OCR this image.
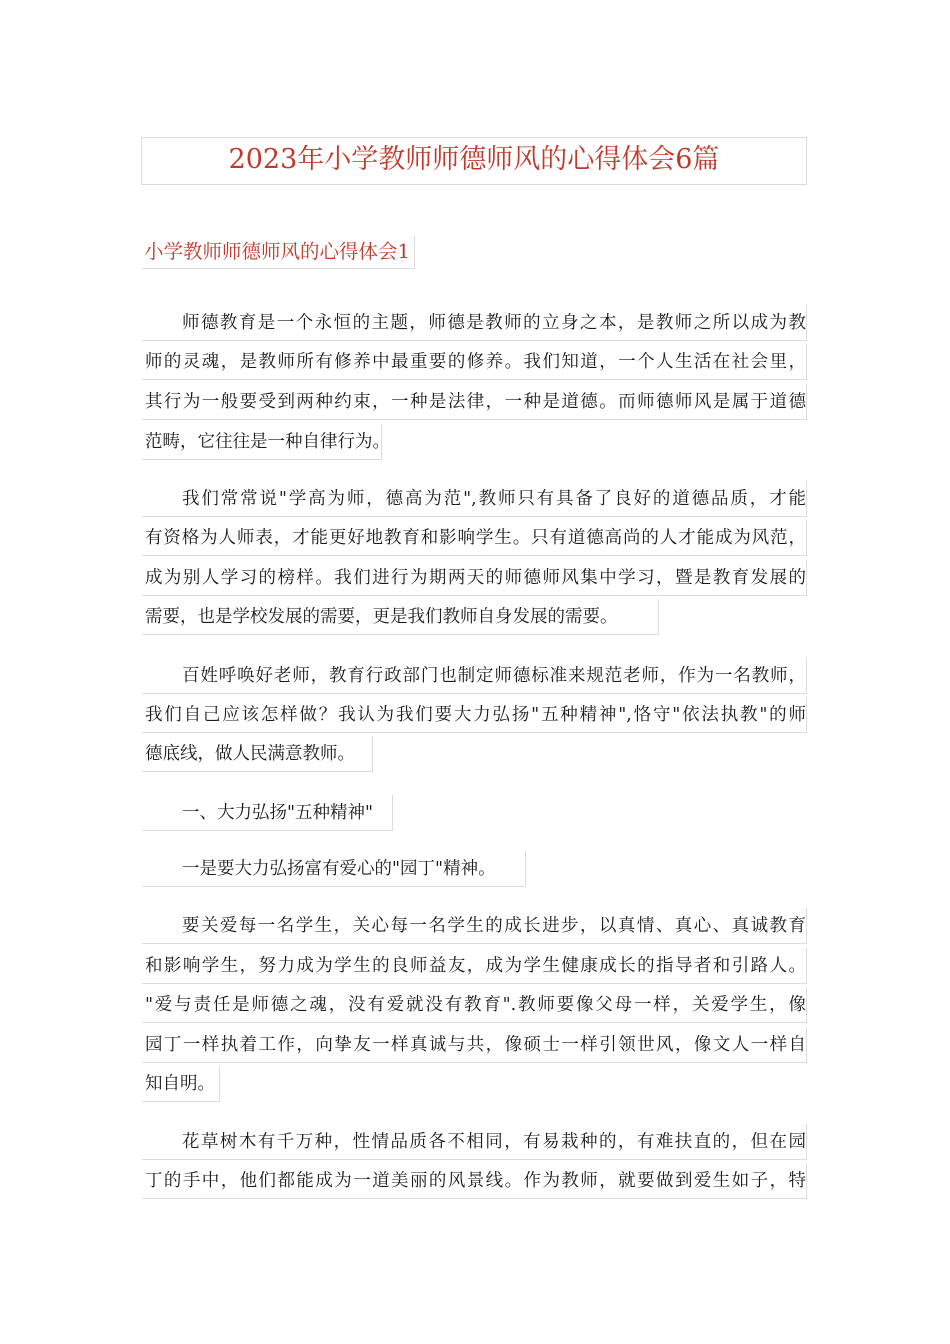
2023年小学教师师德师风的心得体会6篇
小学教师师德师风的心得体会1
师德教育是一个永恒的主题，师德是教师的立身之本，是教师之所以成为教
师的灵魂，是教师所有修养中最重要的修养。我们知道，一个人生活在社会里，
其行为一般要受到两种约束，一种是法律，一种是道德。而师德师风是属于道德
范畴，它往往是一种自律行为。
我们常常说"学高为师，德高为范",教师只有具备了良好的道德品质，才能
有资格为人师表，才能更好地教育和影响学生。只有道德高尚的人才能成为风范，
成为别人学习的榜样。我们进行为期两天的师德师风集中学习，暨是教育发展的
需要，也是学校发展的需要，更是我们教师自身发展的需要。
百姓呼唤好老师，教育行政部门也制定师德标准来规范老师，作为一名教师，
我们自己应该怎样做？我认为我们要大力弘扬"五种精神",恪守"依法执教"的师
德底线，做人民满意教师。
一、大力弘扬"五种精神"
一是要大力弘扬富有爱心的"园丁"精神。
要关爱每一名学生，关心每一名学生的成长进步，以真情、真心、真诚教育
和影响学生，努力成为学生的良师益友，成为学生健康成长的指导者和引路人。
"爱与责任是师德之魂，没有爱就没有教育".教师要像父母一样，关爱学生，像
园丁一样执着工作，向挚友一样真诚与共，像硕士一样引领世风，像文人一样自
知自明。
花草树木有千万种，性情品质各不相同，有易栽种的，有难扶直的，但在园
丁的手中，他们都能成为一道美丽的风景线。作为教师，就要做到爱生如子，特
